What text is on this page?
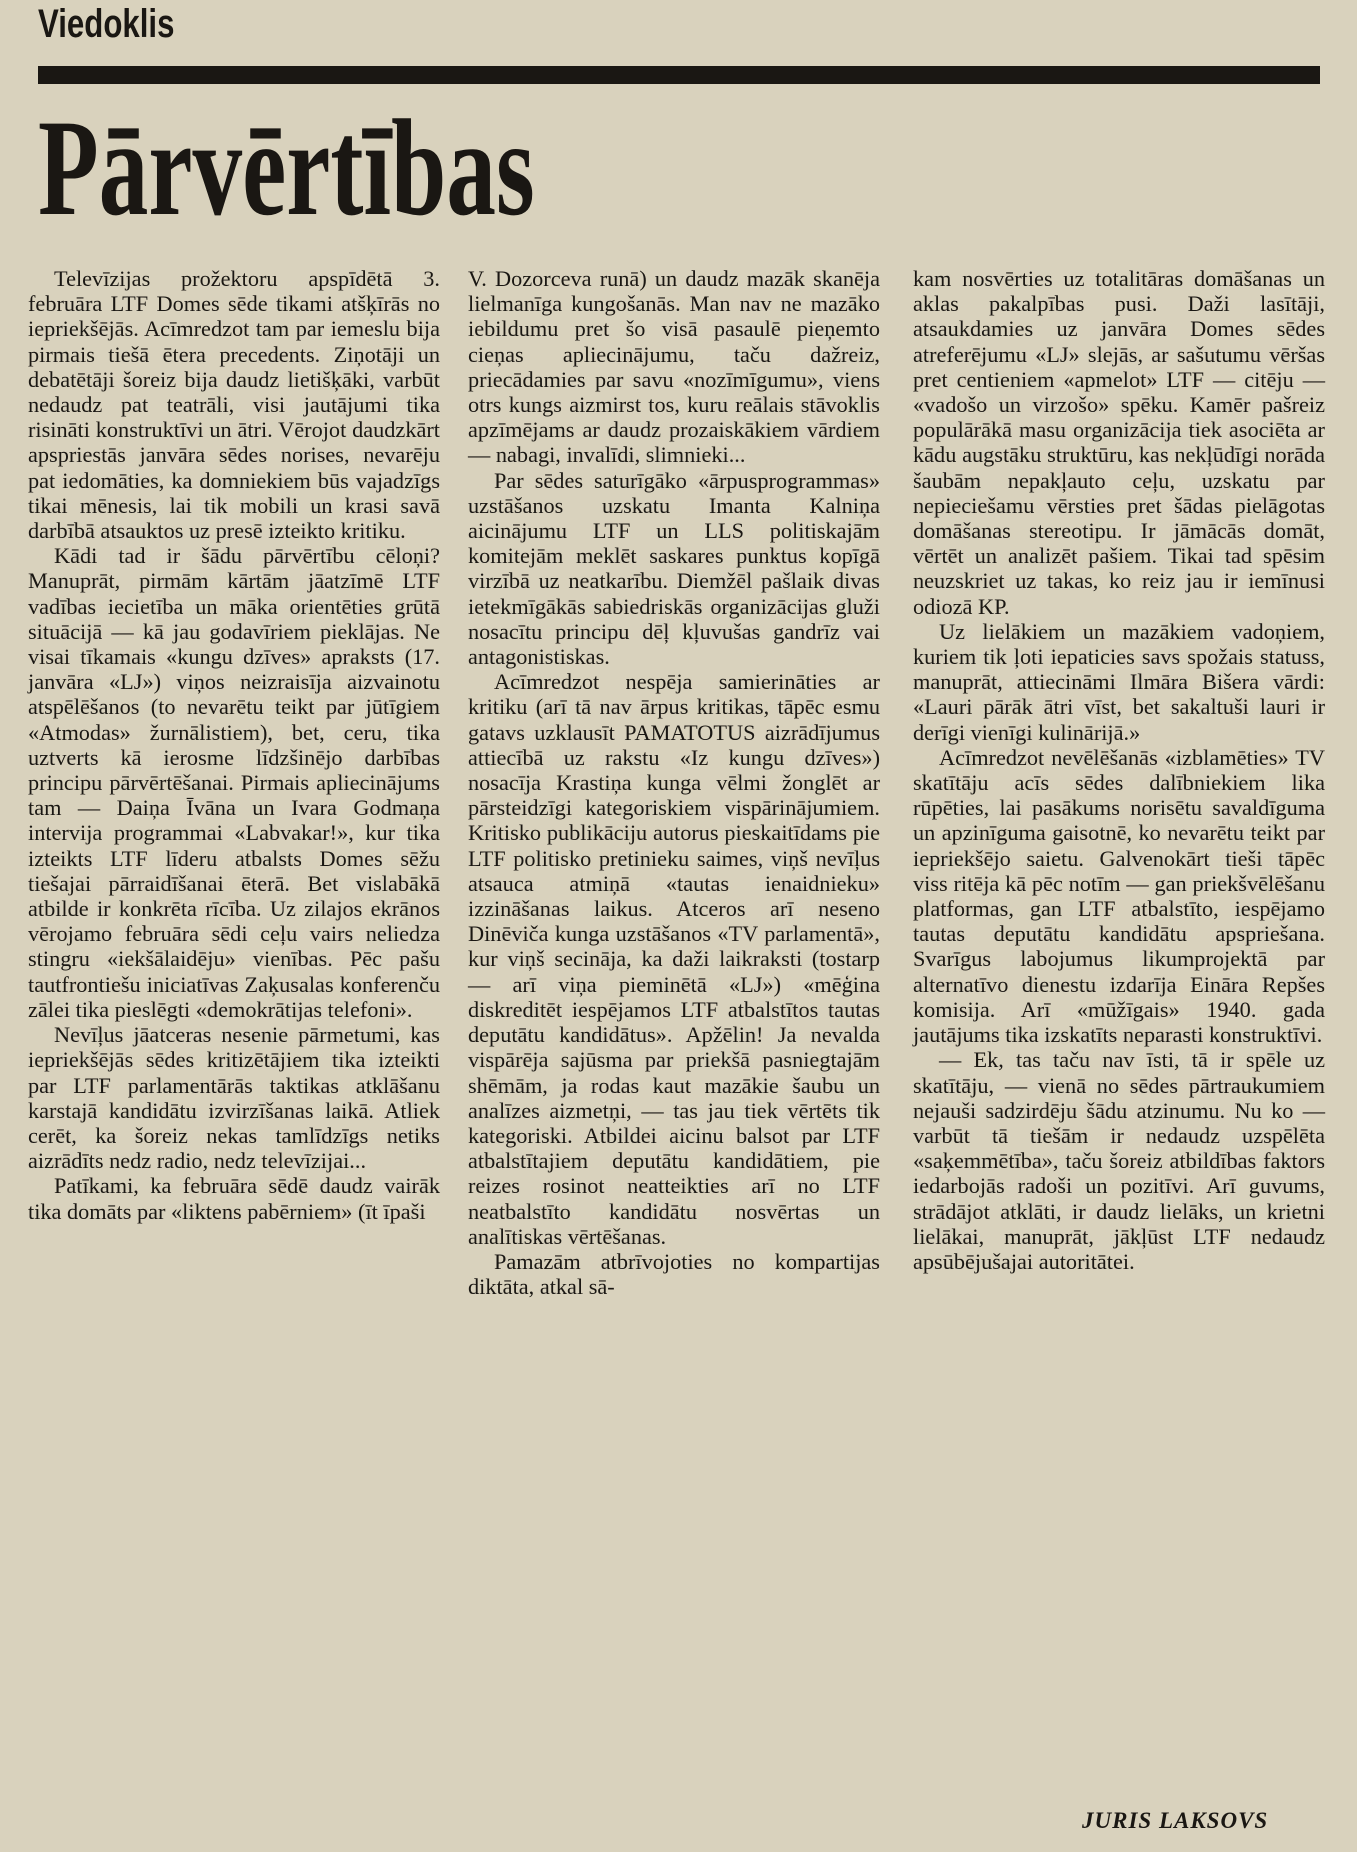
Viedoklis
Pārvērtības

Televīzijas prožektoru apspīdētā 3. februāra LTF Domes sēde tikami atšķīrās no iepriekšējās. Acīmredzot tam par iemeslu bija pirmais tiešā ētera precedents. Ziņotāji un debatētāji šoreiz bija daudz lietišķāki, varbūt nedaudz pat teatrāli, visi jautājumi tika risināti konstruktīvi un ātri. Vērojot daudzkārt apspriestās janvāra sēdes norises, nevarēju pat iedomāties, ka domniekiem būs vajadzīgs tikai mēnesis, lai tik mobili un krasi savā darbībā atsauktos uz presē izteikto kritiku.

Kādi tad ir šādu pārvērtību cēloņi? Manuprāt, pirmām kārtām jāatzīmē LTF vadības iecietība un māka orientēties grūtā situācijā — kā jau godavīriem pieklājas. Ne visai tīkamais «kungu dzīves» apraksts (17. janvāra «LJ») viņos neizraisīja aizvainotu atspēlēšanos (to nevarētu teikt par jūtīgiem «Atmodas» žurnālistiem), bet, ceru, tika uztverts kā ierosme līdzšinējo darbības principu pārvērtēšanai. Pirmais apliecinājums tam — Daiņa Īvāna un Ivara Godmaņa intervija programmai «Labvakar!», kur tika izteikts LTF līderu atbalsts Domes sēžu tiešajai pārraidīšanai ēterā. Bet vislabākā atbilde ir konkrēta rīcība. Uz zilajos ekrānos vērojamo februāra sēdi ceļu vairs neliedza stingru «iekšālaidēju» vienības. Pēc pašu tautfrontiešu iniciatīvas Zaķusalas konferenču zālei tika pieslēgti «demokrātijas telefoni».

Nevīļus jāatceras nesenie pārmetumi, kas iepriekšējās sēdes kritizētājiem tika izteikti par LTF parlamentārās taktikas atklāšanu karstajā kandidātu izvirzīšanas laikā. Atliek cerēt, ka šoreiz nekas tamlīdzīgs netiks aizrādīts nedz radio, nedz televīzijai...

Patīkami, ka februāra sēdē daudz vairāk tika domāts par «liktens pabērniem» (īt īpaši

V. Dozorceva runā) un daudz mazāk skanēja lielmanīga kungošanās. Man nav ne mazāko iebildumu pret šo visā pasaulē pieņemto cieņas apliecinājumu, taču dažreiz, priecādamies par savu «nozīmīgumu», viens otrs kungs aizmirst tos, kuru reālais stāvoklis apzīmējams ar daudz prozaiskākiem vārdiem — nabagi, invalīdi, slimnieki...

Par sēdes saturīgāko «ārpusprogrammas» uzstāšanos uzskatu Imanta Kalniņa aicinājumu LTF un LLS politiskajām komitejām meklēt saskares punktus kopīgā virzībā uz neatkarību. Diemžēl pašlaik divas ietekmīgākās sabiedriskās organizācijas gluži nosacītu principu dēļ kļuvušas gandrīz vai antagonistiskas.

Acīmredzot nespēja samierināties ar kritiku (arī tā nav ārpus kritikas, tāpēc esmu gatavs uzklausīt PAMATOTUS aizrādījumus attiecībā uz rakstu «Iz kungu dzīves») nosacīja Krastiņa kunga vēlmi žonglēt ar pārsteidzīgi kategoriskiem vispārinājumiem. Kritisko publikāciju autorus pieskaitīdams pie LTF politisko pretinieku saimes, viņš nevīļus atsauca atmiņā «tautas ienaidnieku» izzināšanas laikus. Atceros arī neseno Dinēviča kunga uzstāšanos «TV parlamentā», kur viņš secināja, ka daži laikraksti (tostarp — arī viņa pieminētā «LJ») «mēģina diskreditēt iespējamos LTF atbalstītos tautas deputātu kandidātus». Apžēlin! Ja nevalda vispārēja sajūsma par priekšā pasniegtajām shēmām, ja rodas kaut mazākie šaubu un analīzes aizmetņi, — tas jau tiek vērtēts tik kategoriski. Atbildei aicinu balsot par LTF atbalstītajiem deputātu kandidātiem, pie reizes rosinot neatteikties arī no LTF neatbalstīto kandidātu nosvērtas un analītiskas vērtēšanas.

Pamazām atbrīvojoties no kompartijas diktāta, atkal sā-

kam nosvērties uz totalitāras domāšanas un aklas pakalpības pusi. Daži lasītāji, atsaukdamies uz janvāra Domes sēdes atreferējumu «LJ» slejās, ar sašutumu vēršas pret centieniem «apmelot» LTF — citēju — «vadošo un virzošo» spēku. Kamēr pašreiz populārākā masu organizācija tiek asociēta ar kādu augstāku struktūru, kas nekļūdīgi norāda šaubām nepakļauto ceļu, uzskatu par nepieciešamu vērsties pret šādas pielāgotas domāšanas stereotipu. Ir jāmācās domāt, vērtēt un analizēt pašiem. Tikai tad spēsim neuzskriet uz takas, ko reiz jau ir iemīnusi odiozā KP.

Uz lielākiem un mazākiem vadoņiem, kuriem tik ļoti iepaticies savs spožais statuss, manuprāt, attiecināmi Ilmāra Bišera vārdi: «Lauri pārāk ātri vīst, bet sakaltuši lauri ir derīgi vienīgi kulinārijā.»

Acīmredzot nevēlēšanās «izblamēties» TV skatītāju acīs sēdes dalībniekiem lika rūpēties, lai pasākums norisētu savaldīguma un apzinīguma gaisotnē, ko nevarētu teikt par iepriekšējo saietu. Galvenokārt tieši tāpēc viss ritēja kā pēc notīm — gan priekšvēlēšanu platformas, gan LTF atbalstīto, iespējamo tautas deputātu kandidātu apspriešana. Svarīgus labojumus likumprojektā par alternatīvo dienestu izdarīja Eināra Repšes komisija. Arī «mūžīgais» 1940. gada jautājums tika izskatīts neparasti konstruktīvi.

— Ek, tas taču nav īsti, tā ir spēle uz skatītāju, — vienā no sēdes pārtraukumiem nejauši sadzirdēju šādu atzinumu. Nu ko — varbūt tā tiešām ir nedaudz uzspēlēta «saķemmētība», taču šoreiz atbildības faktors iedarbojās radoši un pozitīvi. Arī guvums, strādājot atklāti, ir daudz lielāks, un krietni lielākai, manuprāt, jākļūst LTF nedaudz apsūbējušajai autoritātei.

JURIS LAKSOVS
